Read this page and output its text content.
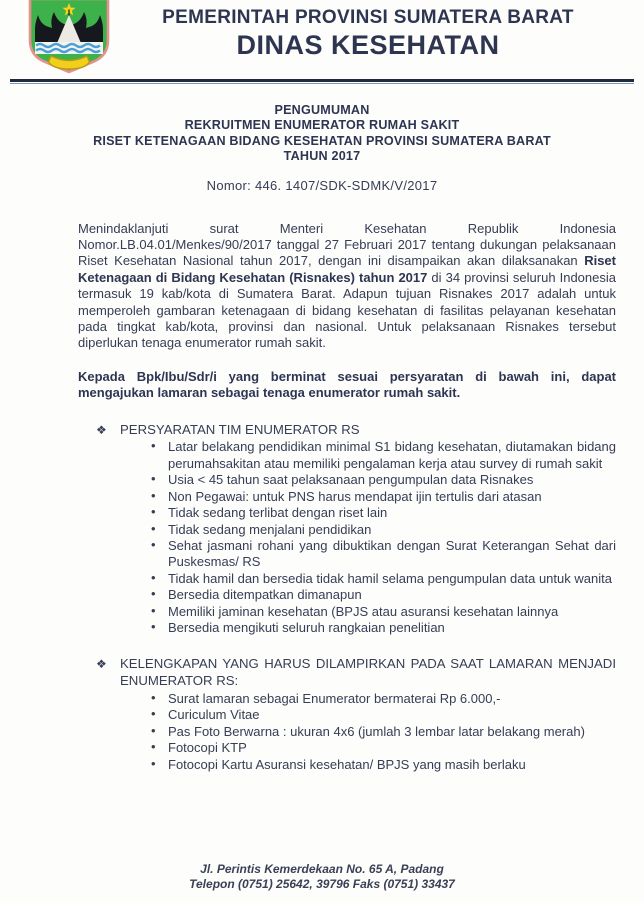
PEMERINTAH PROVINSI SUMATERA BARAT
DINAS KESEHATAN
PENGUMUMAN
REKRUITMEN ENUMERATOR RUMAH SAKIT
RISET KETENAGAAN BIDANG KESEHATAN PROVINSI SUMATERA BARAT
TAHUN 2017
Nomor: 446. 1407/SDK-SDMK/V/2017

Menindaklanjuti surat Menteri Kesehatan Republik Indonesia Nomor.LB.04.01/Menkes/90/2017 tanggal 27 Februari 2017 tentang dukungan pelaksanaan Riset Kesehatan Nasional tahun 2017, dengan ini disampaikan akan dilaksanakan Riset Ketenagaan di Bidang Kesehatan (Risnakes) tahun 2017 di 34 provinsi seluruh Indonesia termasuk 19 kab/kota di Sumatera Barat. Adapun tujuan Risnakes 2017 adalah untuk memperoleh gambaran ketenagaan di bidang kesehatan di fasilitas pelayanan kesehatan pada tingkat kab/kota, provinsi dan nasional. Untuk pelaksanaan Risnakes tersebut diperlukan tenaga enumerator rumah sakit.

Kepada Bpk/Ibu/Sdr/i yang berminat sesuai persyaratan di bawah ini, dapat mengajukan lamaran sebagai tenaga enumerator rumah sakit.

❖ PERSYARATAN TIM ENUMERATOR RS
• Latar belakang pendidikan minimal S1 bidang kesehatan, diutamakan bidang perumahsakitan atau memiliki pengalaman kerja atau survey di rumah sakit
• Usia < 45 tahun saat pelaksanaan pengumpulan data Risnakes
• Non Pegawai: untuk PNS harus mendapat ijin tertulis dari atasan
• Tidak sedang terlibat dengan riset lain
• Tidak sedang menjalani pendidikan
• Sehat jasmani rohani yang dibuktikan dengan Surat Keterangan Sehat dari Puskesmas/ RS
• Tidak hamil dan bersedia tidak hamil selama pengumpulan data untuk wanita
• Bersedia ditempatkan dimanapun
• Memiliki jaminan kesehatan (BPJS atau asuransi kesehatan lainnya
• Bersedia mengikuti seluruh rangkaian penelitian
❖ KELENGKAPAN YANG HARUS DILAMPIRKAN PADA SAAT LAMARAN MENJADI ENUMERATOR RS:
• Surat lamaran sebagai Enumerator bermaterai Rp 6.000,-
• Curiculum Vitae
• Pas Foto Berwarna : ukuran 4x6 (jumlah 3 lembar latar belakang merah)
• Fotocopi KTP
• Fotocopi Kartu Asuransi kesehatan/ BPJS yang masih berlaku
Jl. Perintis Kemerdekaan No. 65 A, Padang
Telepon (0751) 25642, 39796 Faks (0751) 33437
